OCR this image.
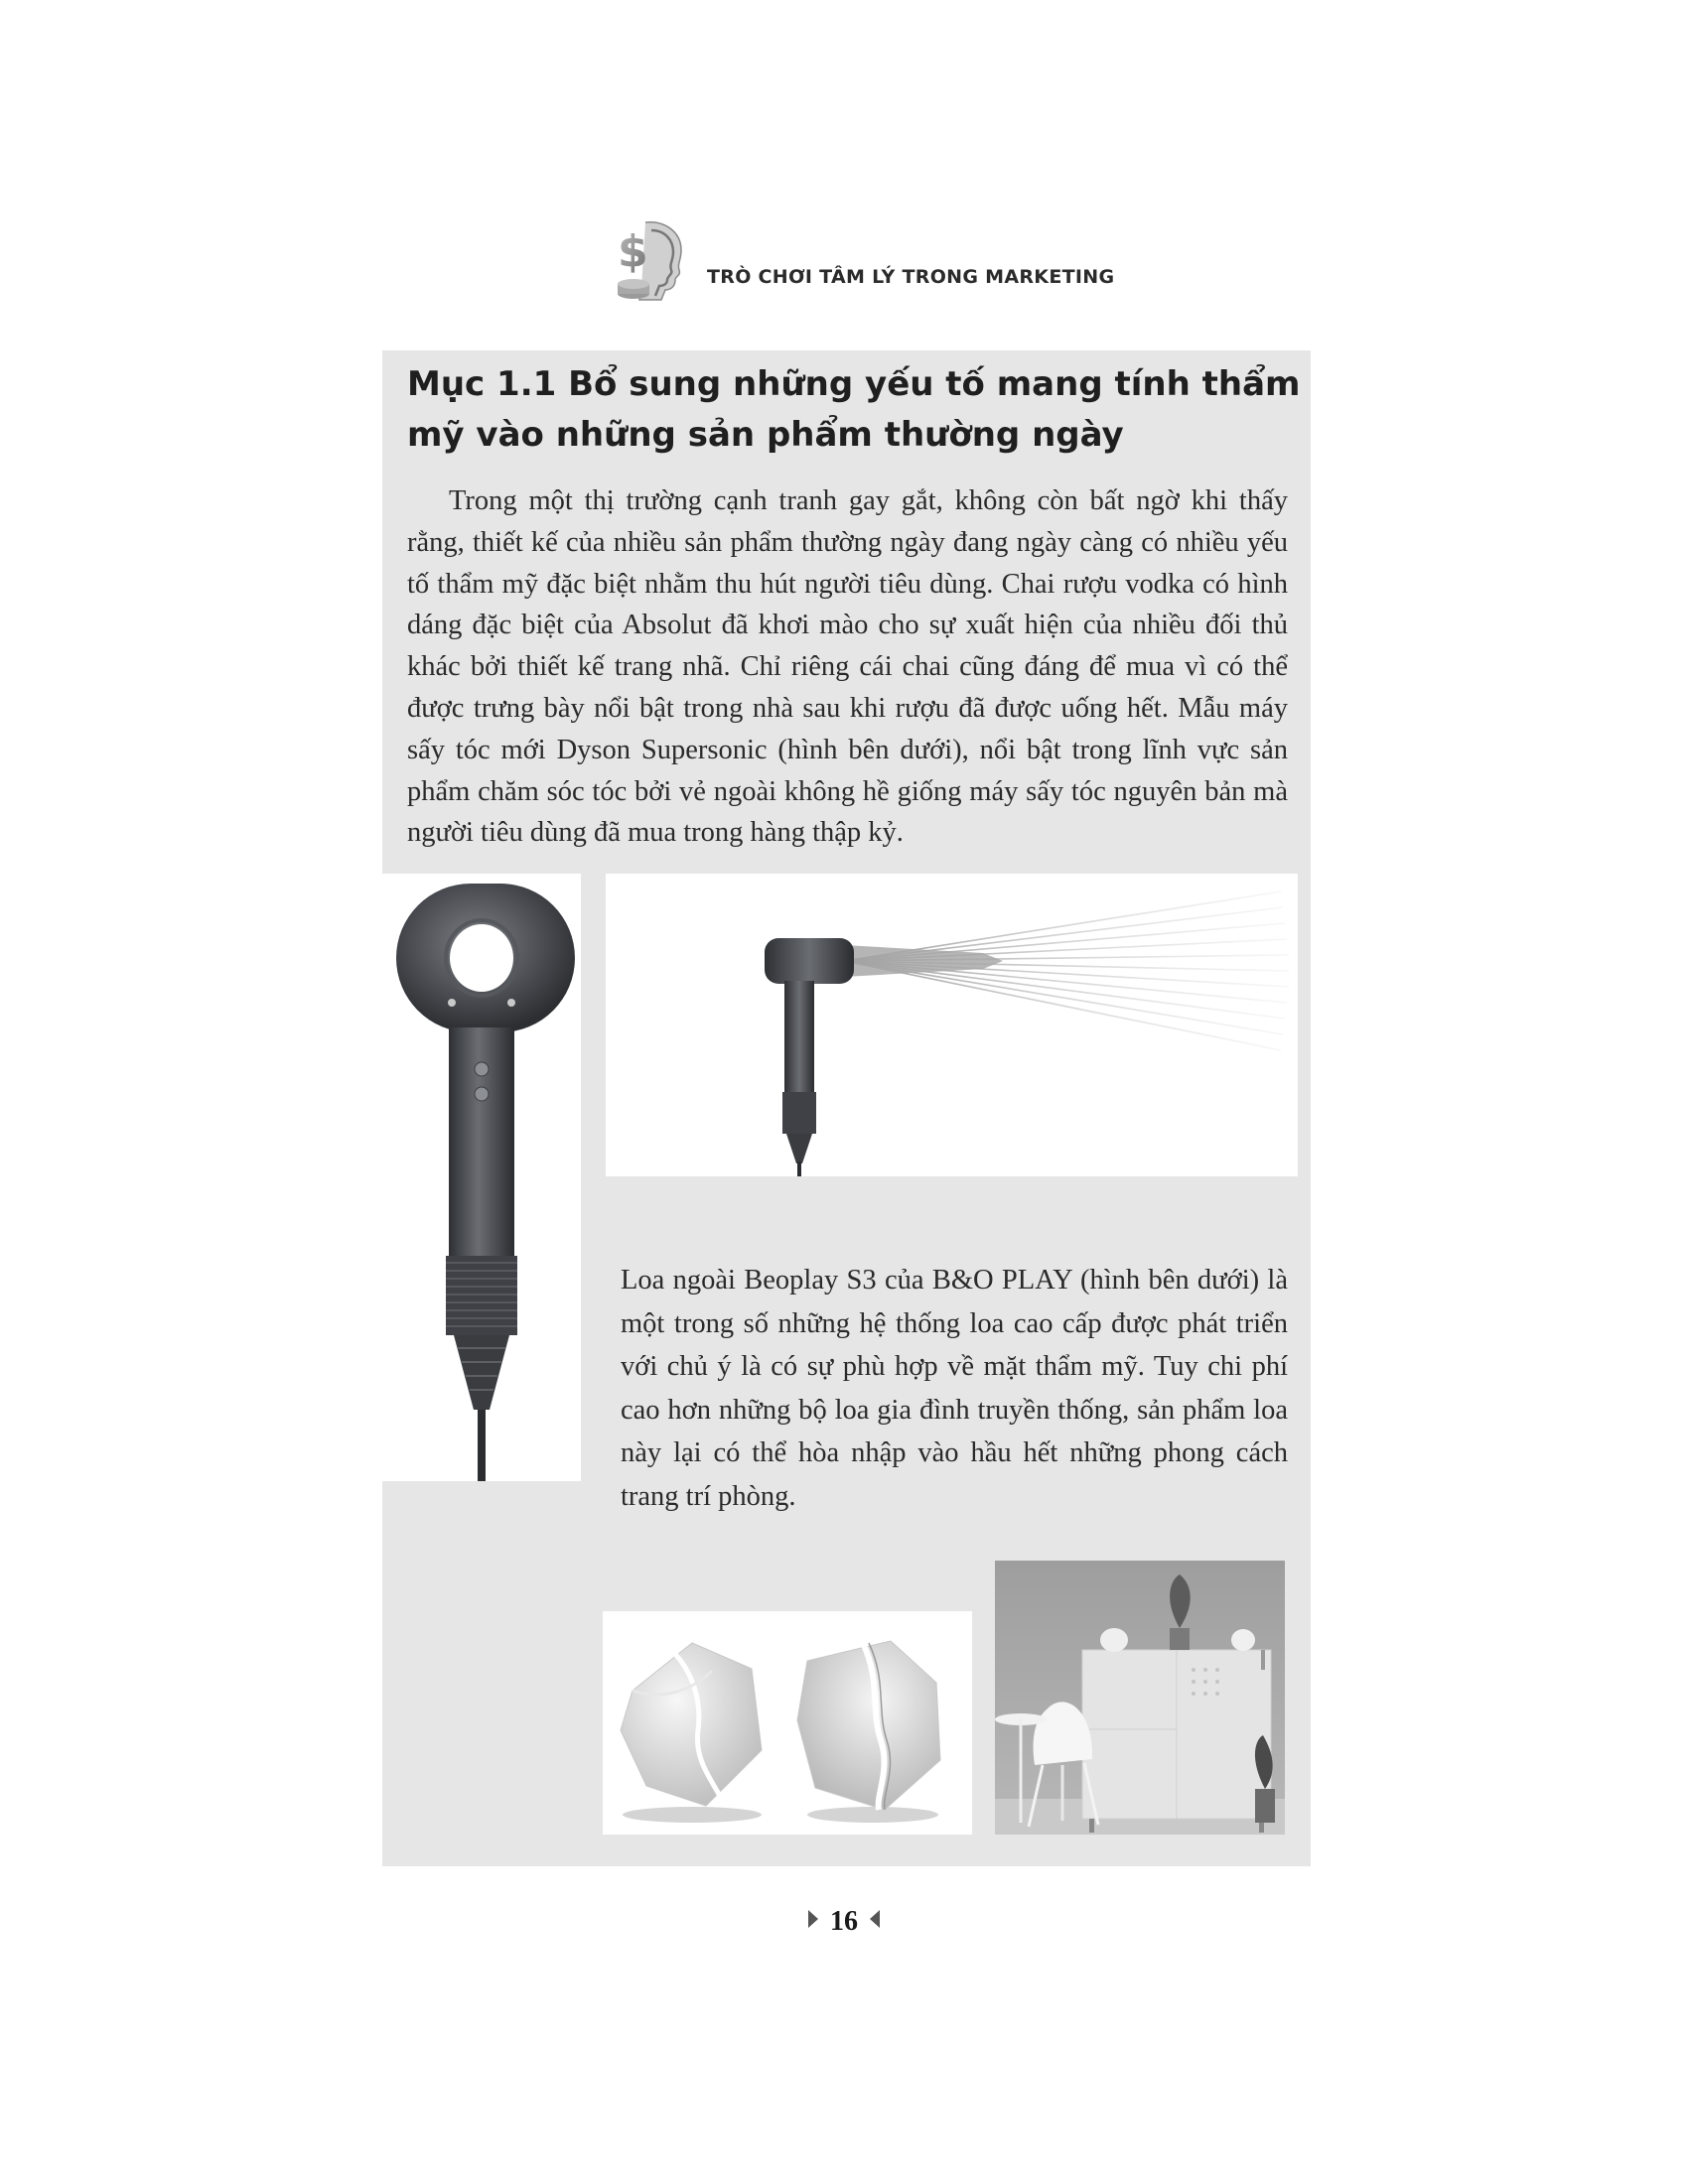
$	TRÒ CHƠI TÂM LÝ TRONG MARKETING
Mục 1.1 Bổ sung những yếu tố mang tính thẩm mỹ vào những sản phẩm thường ngày

Trong một thị trường cạnh tranh gay gắt, không còn bất ngờ khi thấy rằng, thiết kế của nhiều sản phẩm thường ngày đang ngày càng có nhiều yếu tố thẩm mỹ đặc biệt nhằm thu hút người tiêu dùng. Chai rượu vodka có hình dáng đặc biệt của Absolut đã khơi mào cho sự xuất hiện của nhiều đối thủ khác bởi thiết kế trang nhã. Chỉ riêng cái chai cũng đáng để mua vì có thể được trưng bày nổi bật trong nhà sau khi rượu đã được uống hết. Mẫu máy sấy tóc mới Dyson Supersonic (hình bên dưới), nổi bật trong lĩnh vực sản phẩm chăm sóc tóc bởi vẻ ngoài không hề giống máy sấy tóc nguyên bản mà người tiêu dùng đã mua trong hàng thập kỷ.

Loa ngoài Beoplay S3 của B&O PLAY (hình bên dưới) là một trong số những hệ thống loa cao cấp được phát triển với chủ ý là có sự phù hợp về mặt thẩm mỹ. Tuy chi phí cao hơn những bộ loa gia đình truyền thống, sản phẩm loa này lại có thể hòa nhập vào hầu hết những phong cách trang trí phòng.

16
